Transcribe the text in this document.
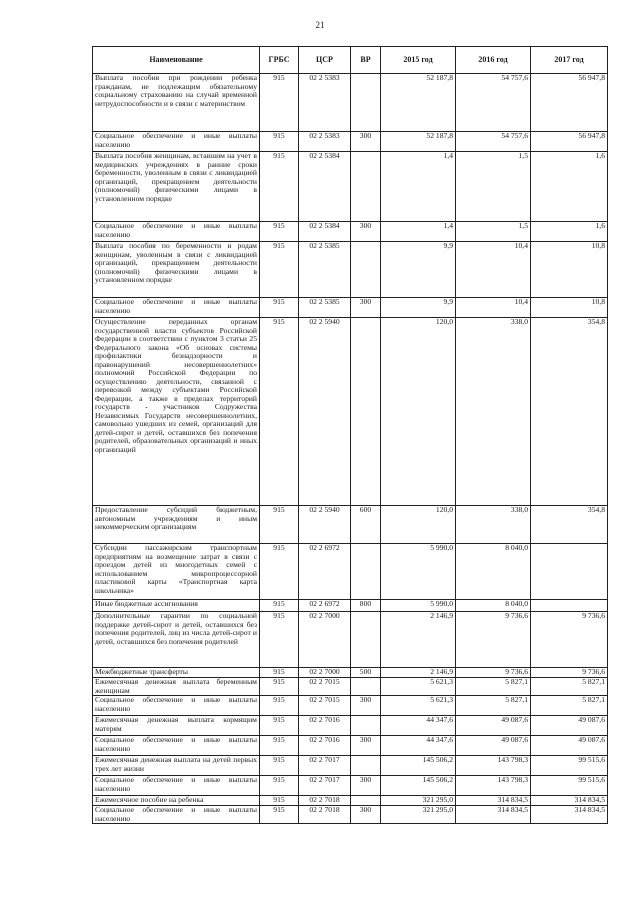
21
Наименование	ГРБС	ЦСР	ВР	2015 год	2016 год	2017 год
Выплата пособия при рождении ребенка гражданам, не подлежащим обязательному социальному страхованию на случай временной нетрудоспособности и в связи с материнством	915	02 2 5383		52 187,8	54 757,6	56 947,8
Социальное обеспечение и иные выплаты населению	915	02 2 5383	300	52 187,8	54 757,6	56 947,8
Выплата пособия женщинам, вставшим на учет в медицинских учреждениях в ранние сроки беременности, уволенным в связи с ликвидацией организаций, прекращением деятельности (полномочий) физическими лицами в установленном порядке	915	02 2 5384		1,4	1,5	1,6
Социальное обеспечение и иные выплаты населению	915	02 2 5384	300	1,4	1,5	1,6
Выплата пособия по беременности и родам женщинам, уволенным в связи с ликвидацией организаций, прекращением деятельности (полномочий) физическими лицами в установленном порядке	915	02 2 5385		9,9	10,4	10,8
Социальное обеспечение и иные выплаты населению	915	02 2 5385	300	9,9	10,4	10,8
Осуществление переданных органам государственной власти субъектов Российской Федерации в соответствии с пунктом 3 статьи 25 Федерального закона «Об основах системы профилактики безнадзорности и правонарушений несовершеннолетних» полномочий Российской Федерации по осуществлению деятельности, связанной с перевозкой между субъектами Российской Федерации, а также в пределах территорий государств - участников Содружества Независимых Государств несовершеннолетних, самовольно ушедших из семей, организаций для детей-сирот и детей, оставшихся без попечения родителей, образовательных организаций и иных организаций	915	02 2 5940		120,0	338,0	354,8
Предоставление субсидий бюджетным, автономным учреждениям и иным некоммерческим организациям	915	02 2 5940	600	120,0	338,0	354,8
Субсидии пассажирским транспортным предприятиям на возмещение затрат в связи с проездом детей из многодетных семей с использованием микропроцессорной пластиковой карты «Транспортная карта школьника»	915	02 2 6972		5 990,0	8 040,0	
Иные бюджетные ассигнования	915	02 2 6972	800	5 990,0	8 040,0	
Дополнительные гарантии по социальной поддержке детей-сирот и детей, оставшихся без попечения родителей, лиц из числа детей-сирот и детей, оставшихся без попечения родителей	915	02 2 7000		2 146,9	9 736,6	9 736,6
Межбюджетные трансферты	915	02 2 7000	500	2 146,9	9 736,6	9 736,6
Ежемесячная денежная выплата беременным женщинам	915	02 2 7015		5 621,3	5 827,1	5 827,1
Социальное обеспечение и иные выплаты населению	915	02 2 7015	300	5 621,3	5 827,1	5 827,1
Ежемесячная денежная выплата кормящим матерям	915	02 2 7016		44 347,6	49 087,6	49 087,6
Социальное обеспечение и иные выплаты населению	915	02 2 7016	300	44 347,6	49 087,6	49 087,6
Ежемесячная денежная выплата на детей первых трех лет жизни	915	02 2 7017		145 506,2	143 798,3	99 515,6
Социальное обеспечение и иные выплаты населению	915	02 2 7017	300	145 506,2	143 798,3	99 515,6
Ежемесячное пособие на ребенка	915	02 2 7018		321 295,0	314 834,5	314 834,5
Социальное обеспечение и иные выплаты населению	915	02 2 7018	300	321 295,0	314 834,5	314 834,5
